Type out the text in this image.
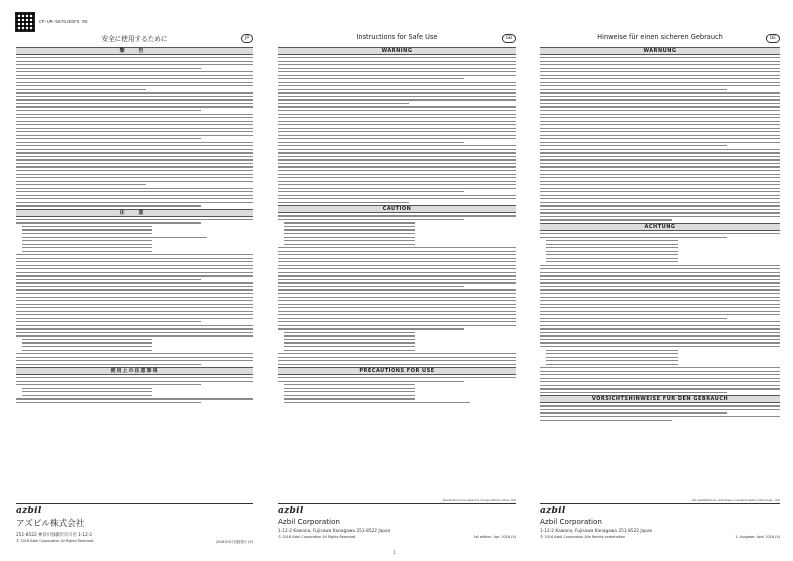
CP-UM-5876JEGFS RX
安全に使用するために	JP
警 告
注 意
使用上の注意事項
Instructions for Safe Use	GB
WARNING
CAUTION
PRECAUTIONS FOR USE
Hinweise für einen sicheren Gebrauch	DE
WARNUNG
ACHTUNG
VORSICHTSHINWEISE FÜR DEN GEBRAUCH
azbil
アズビル株式会社
251-8522 神奈川県藤沢市川名 1-12-2
© 2016 Azbil Corporation All Rights Reserved.	2016年4月初版発行 (V)
Specifications are subject to change without notice. (09)
azbil
Azbil Corporation
1-12-2 Kawana, Fujisawa Kanagawa 251-8522 Japan
© 2016 Azbil Corporation All Rights Reserved.	1st edition: Apr. 2016 (V)
Die Spezifikationen unterliegen unangekündigten Änderungen. (09)
azbil
Azbil Corporation
1-12-2 Kawana, Fujisawa Kanagawa 251-8522 Japan
© 2016 Azbil Corporation Alle Rechte vorbehalten	1. Ausgabe: April 2016 (V)
1
